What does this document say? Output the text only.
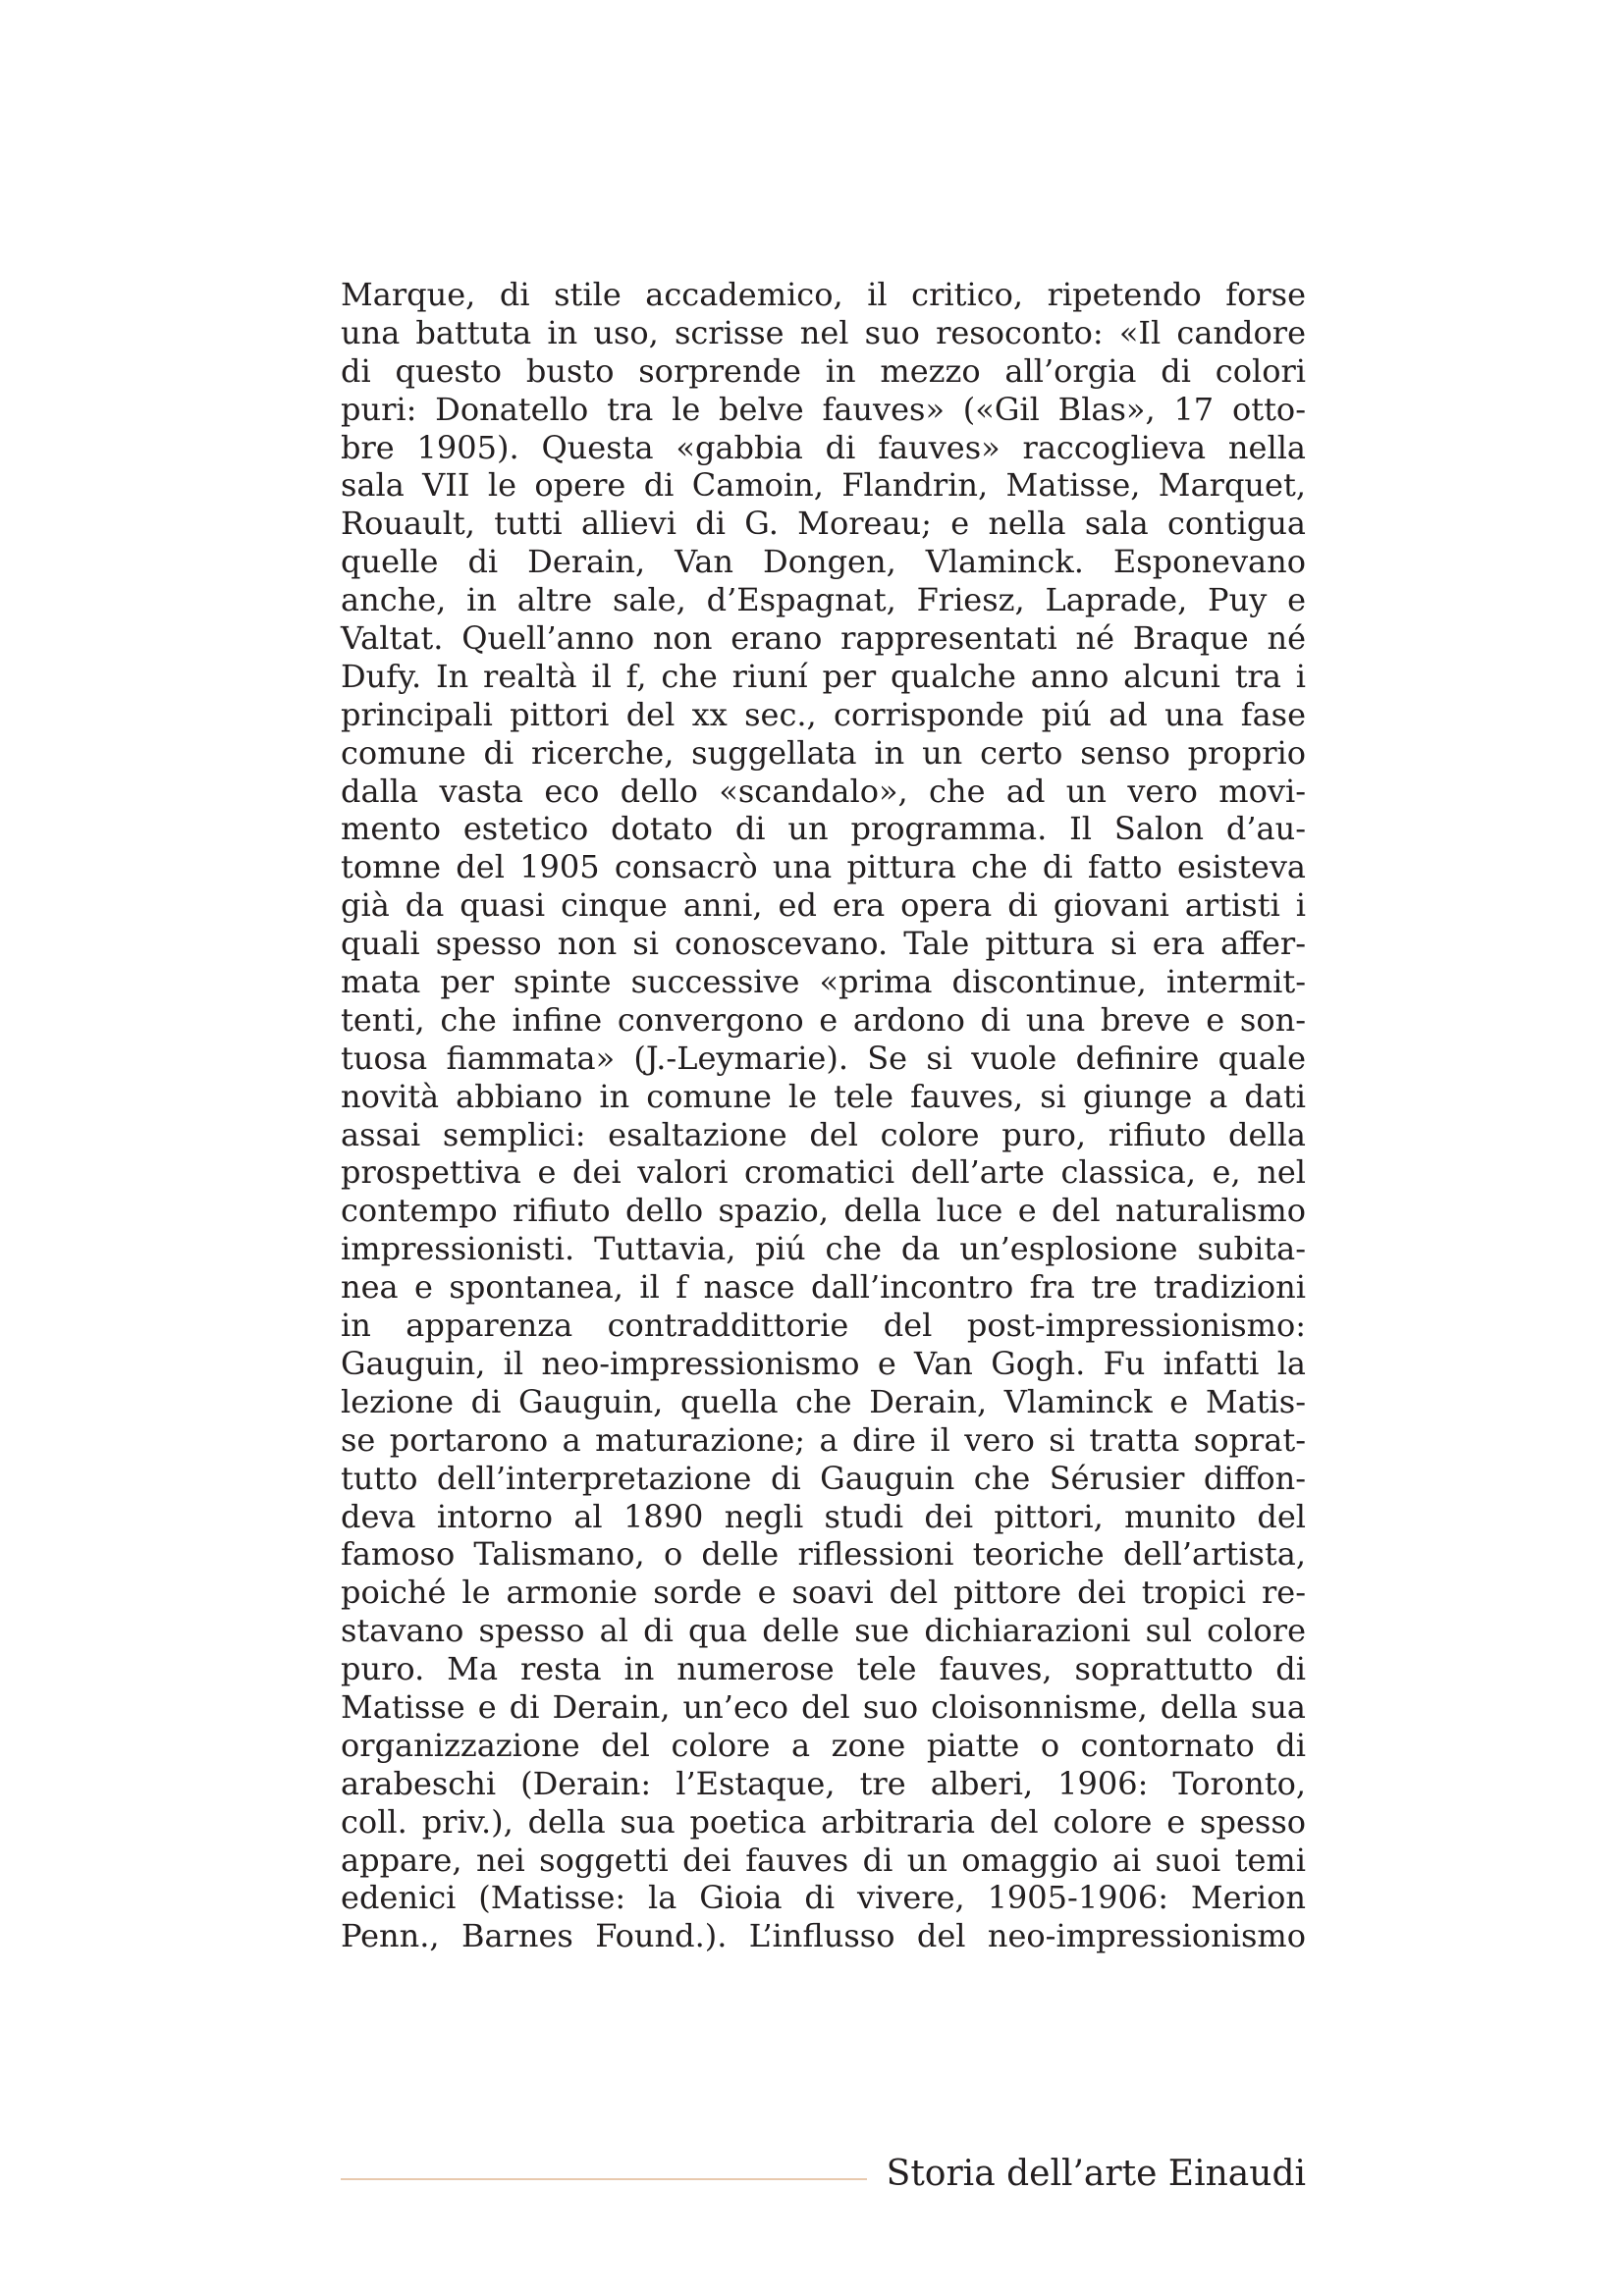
Marque, di stile accademico, il critico, ripetendo forse
una battuta in uso, scrisse nel suo resoconto: «Il candore
di questo busto sorprende in mezzo all’orgia di colori
puri: Donatello tra le belve fauves» («Gil Blas», 17 otto-
bre 1905). Questa «gabbia di fauves» raccoglieva nella
sala VII le opere di Camoin, Flandrin, Matisse, Marquet,
Rouault, tutti allievi di G. Moreau; e nella sala contigua
quelle di Derain, Van Dongen, Vlaminck. Esponevano
anche, in altre sale, d’Espagnat, Friesz, Laprade, Puy e
Valtat. Quell’anno non erano rappresentati né Braque né
Dufy. In realtà il f, che riuní per qualche anno alcuni tra i
principali pittori del xx sec., corrisponde piú ad una fase
comune di ricerche, suggellata in un certo senso proprio
dalla vasta eco dello «scandalo», che ad un vero movi-
mento estetico dotato di un programma. Il Salon d’au-
tomne del 1905 consacrò una pittura che di fatto esisteva
già da quasi cinque anni, ed era opera di giovani artisti i
quali spesso non si conoscevano. Tale pittura si era affer-
mata per spinte successive «prima discontinue, intermit-
tenti, che infine convergono e ardono di una breve e son-
tuosa fiammata» (J.-Leymarie). Se si vuole definire quale
novità abbiano in comune le tele fauves, si giunge a dati
assai semplici: esaltazione del colore puro, rifiuto della
prospettiva e dei valori cromatici dell’arte classica, e, nel
contempo rifiuto dello spazio, della luce e del naturalismo
impressionisti. Tuttavia, piú che da un’esplosione subita-
nea e spontanea, il f nasce dall’incontro fra tre tradizioni
in apparenza contraddittorie del post-impressionismo:
Gauguin, il neo-impressionismo e Van Gogh. Fu infatti la
lezione di Gauguin, quella che Derain, Vlaminck e Matis-
se portarono a maturazione; a dire il vero si tratta soprat-
tutto dell’interpretazione di Gauguin che Sérusier diffon-
deva intorno al 1890 negli studi dei pittori, munito del
famoso Talismano, o delle riflessioni teoriche dell’artista,
poiché le armonie sorde e soavi del pittore dei tropici re-
stavano spesso al di qua delle sue dichiarazioni sul colore
puro. Ma resta in numerose tele fauves, soprattutto di
Matisse e di Derain, un’eco del suo cloisonnisme, della sua
organizzazione del colore a zone piatte o contornato di
arabeschi (Derain: l’Estaque, tre alberi, 1906: Toronto,
coll. priv.), della sua poetica arbitraria del colore e spesso
appare, nei soggetti dei fauves di un omaggio ai suoi temi
edenici (Matisse: la Gioia di vivere, 1905-1906: Merion
Penn., Barnes Found.). L’influsso del neo-impressionismo
Storia dell’arte Einaudi
